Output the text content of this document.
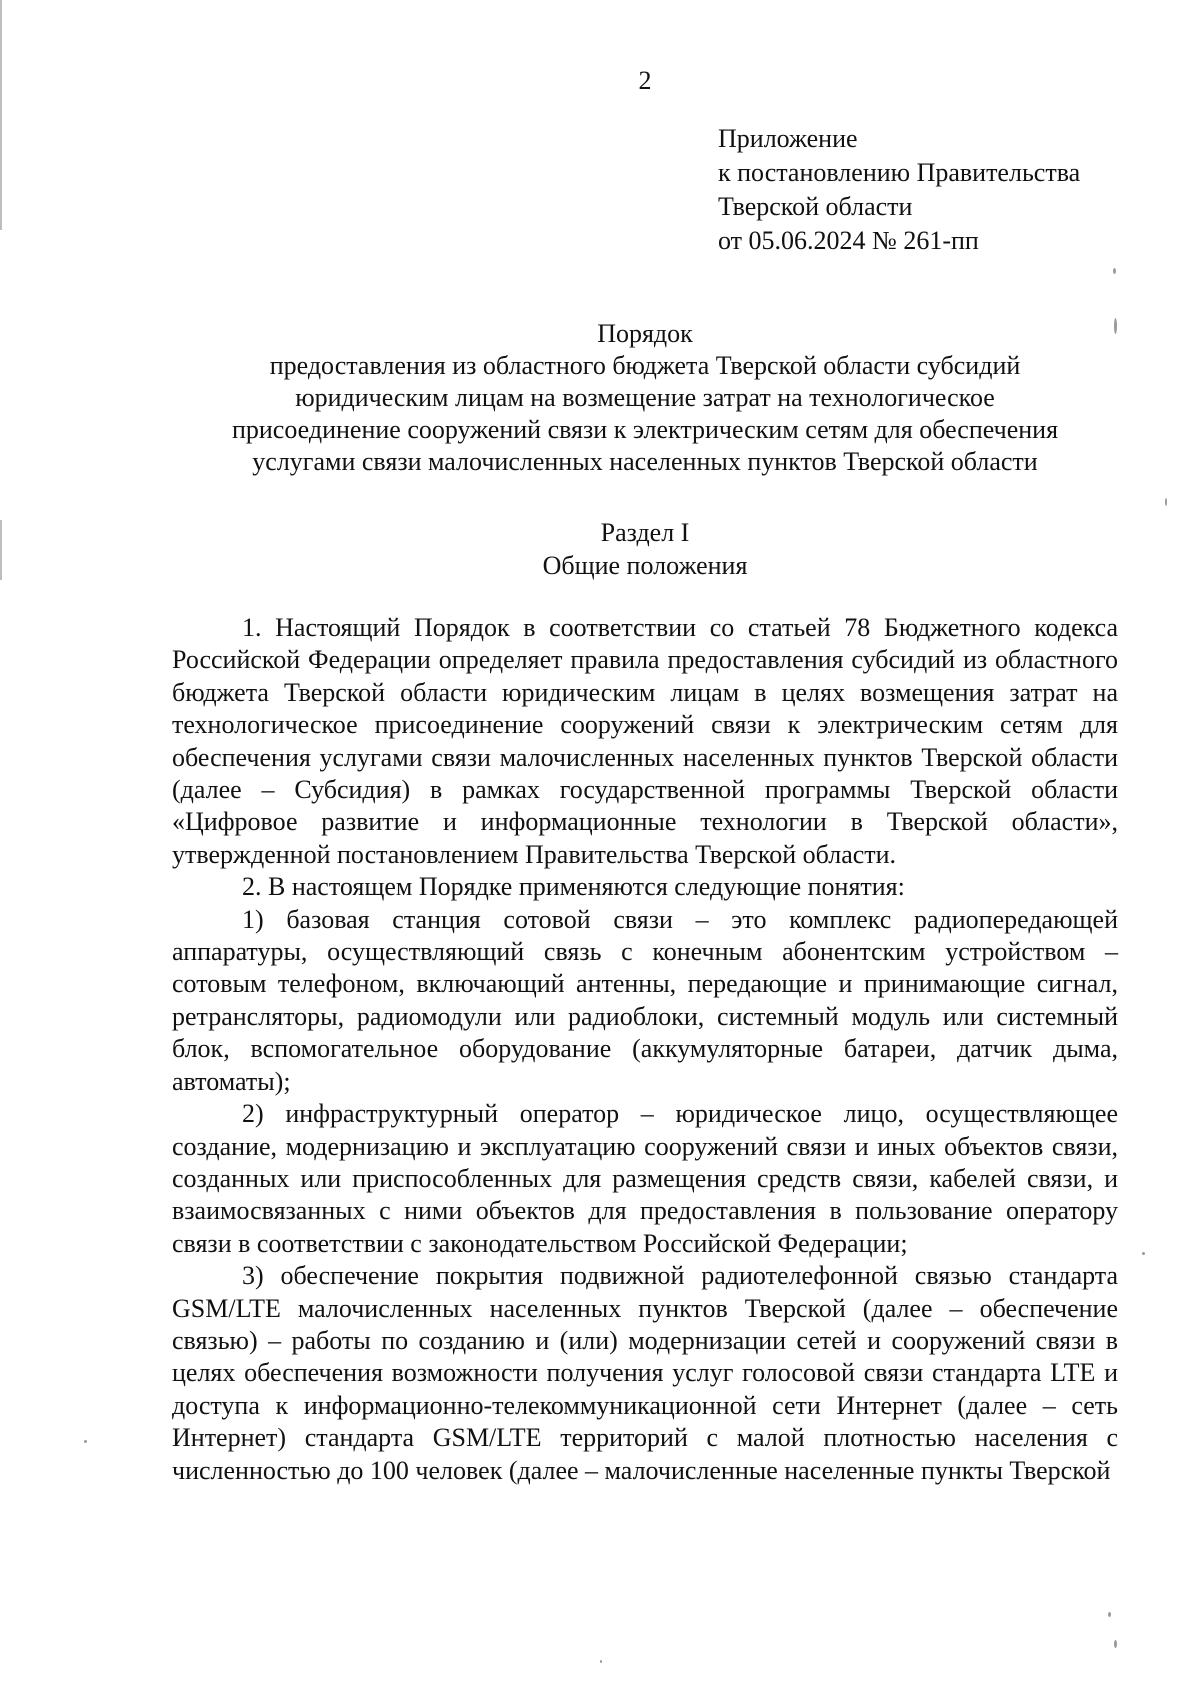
2
Приложение
к постановлению Правительства
Тверской области
от 05.06.2024 № 261-пп
Порядок
предоставления из областного бюджета Тверской области субсидий
юридическим лицам на возмещение затрат на технологическое
присоединение сооружений связи к электрическим сетям для обеспечения
услугами связи малочисленных населенных пунктов Тверской области
Раздел I
Общие положения

1. Настоящий Порядок в соответствии со статьей 78 Бюджетного кодекса Российской Федерации определяет правила предоставления субсидий из областного бюджета Тверской области юридическим лицам в целях возмещения затрат на технологическое присоединение сооружений связи к электрическим сетям для обеспечения услугами связи малочисленных населенных пунктов Тверской области (далее – Субсидия) в рамках государственной программы Тверской области «Цифровое развитие и информационные технологии в Тверской области», утвержденной постановлением Правительства Тверской области.

2. В настоящем Порядке применяются следующие понятия:

1) базовая станция сотовой связи – это комплекс радиопередающей аппаратуры, осуществляющий связь с конечным абонентским устройством – сотовым телефоном, включающий антенны, передающие и принимающие сигнал, ретрансляторы, радиомодули или радиоблоки, системный модуль или системный блок, вспомогательное оборудование (аккумуляторные батареи, датчик дыма, автоматы);

2) инфраструктурный оператор – юридическое лицо, осуществляющее создание, модернизацию и эксплуатацию сооружений связи и иных объектов связи, созданных или приспособленных для размещения средств связи, кабелей связи, и взаимосвязанных с ними объектов для предоставления в пользование оператору связи в соответствии с законодательством Российской Федерации;

3) обеспечение покрытия подвижной радиотелефонной связью стандарта GSM/LTE малочисленных населенных пунктов Тверской (далее – обеспечение связью) – работы по созданию и (или) модернизации сетей и сооружений связи в целях обеспечения возможности получения услуг голосовой связи стандарта LTE и доступа к информационно-телекоммуникационной сети Интернет (далее – сеть Интернет) стандарта GSM/LTE территорий с малой плотностью населения с численностью до 100 человек (далее – малочисленные населенные пункты Тверской
